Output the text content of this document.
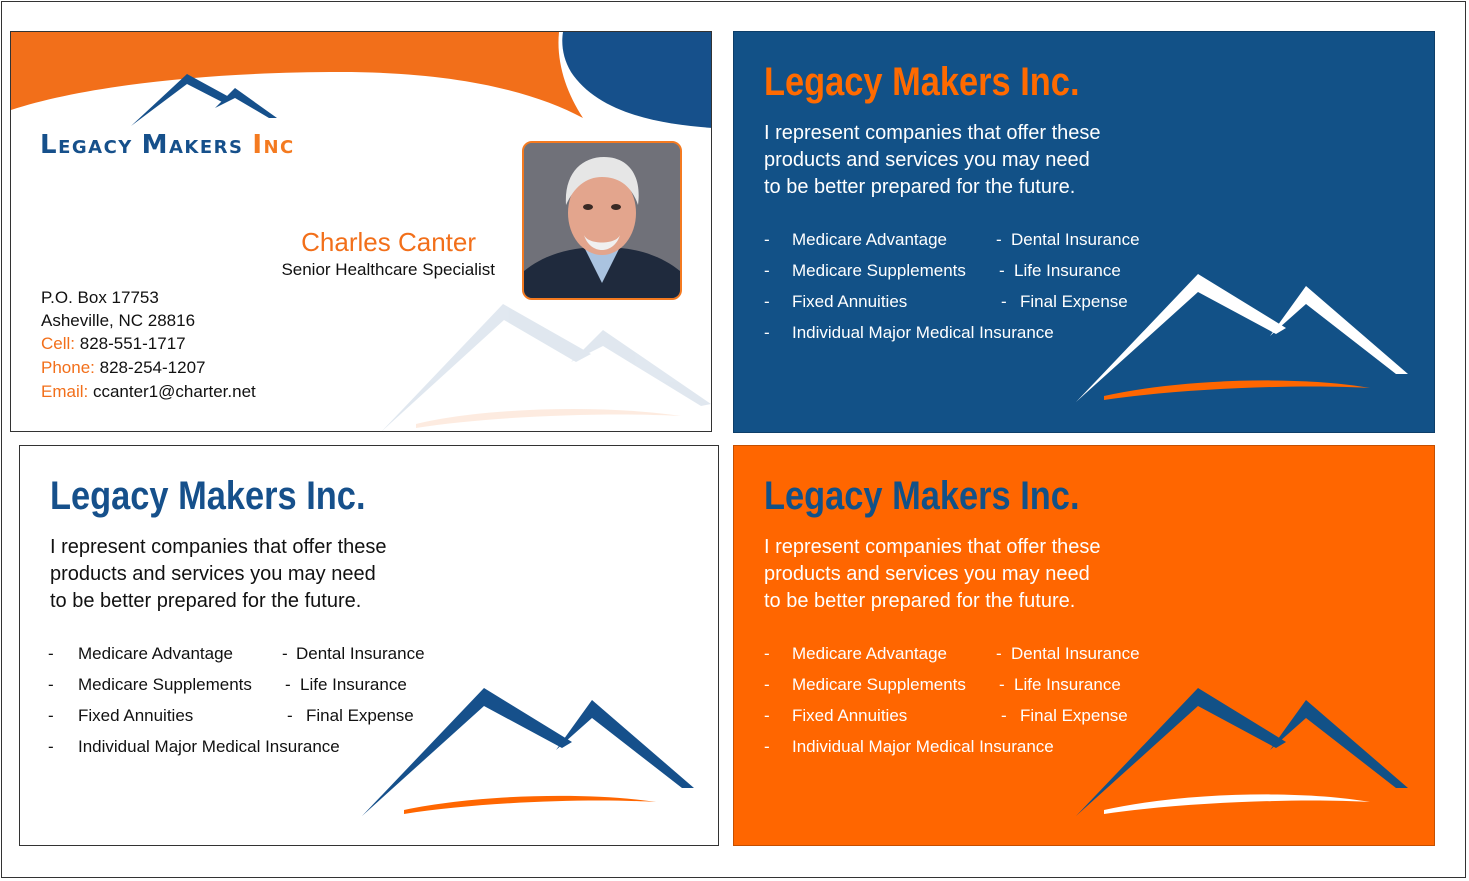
Legacy Makers Inc
Charles Canter
Senior Healthcare Specialist
P.O. Box 17753
Asheville, NC 28816
Cell: 828-551-1717
Phone: 828-254-1207
Email: ccanter1@charter.net
Legacy Makers Inc.
I represent companies that offer these
products and services you may need
to be better prepared for the future.
- Medicare Advantage
- Medicare Supplements
- Fixed Annuities
- Individual Major Medical Insurance
- Dental Insurance
- Life Insurance
- Final Expense
Legacy Makers Inc.
I represent companies that offer these
products and services you may need
to be better prepared for the future.
- Medicare Advantage
- Medicare Supplements
- Fixed Annuities
- Individual Major Medical Insurance
- Dental Insurance
- Life Insurance
- Final Expense
Legacy Makers Inc.
I represent companies that offer these
products and services you may need
to be better prepared for the future.
- Medicare Advantage
- Medicare Supplements
- Fixed Annuities
- Individual Major Medical Insurance
- Dental Insurance
- Life Insurance
- Final Expense
